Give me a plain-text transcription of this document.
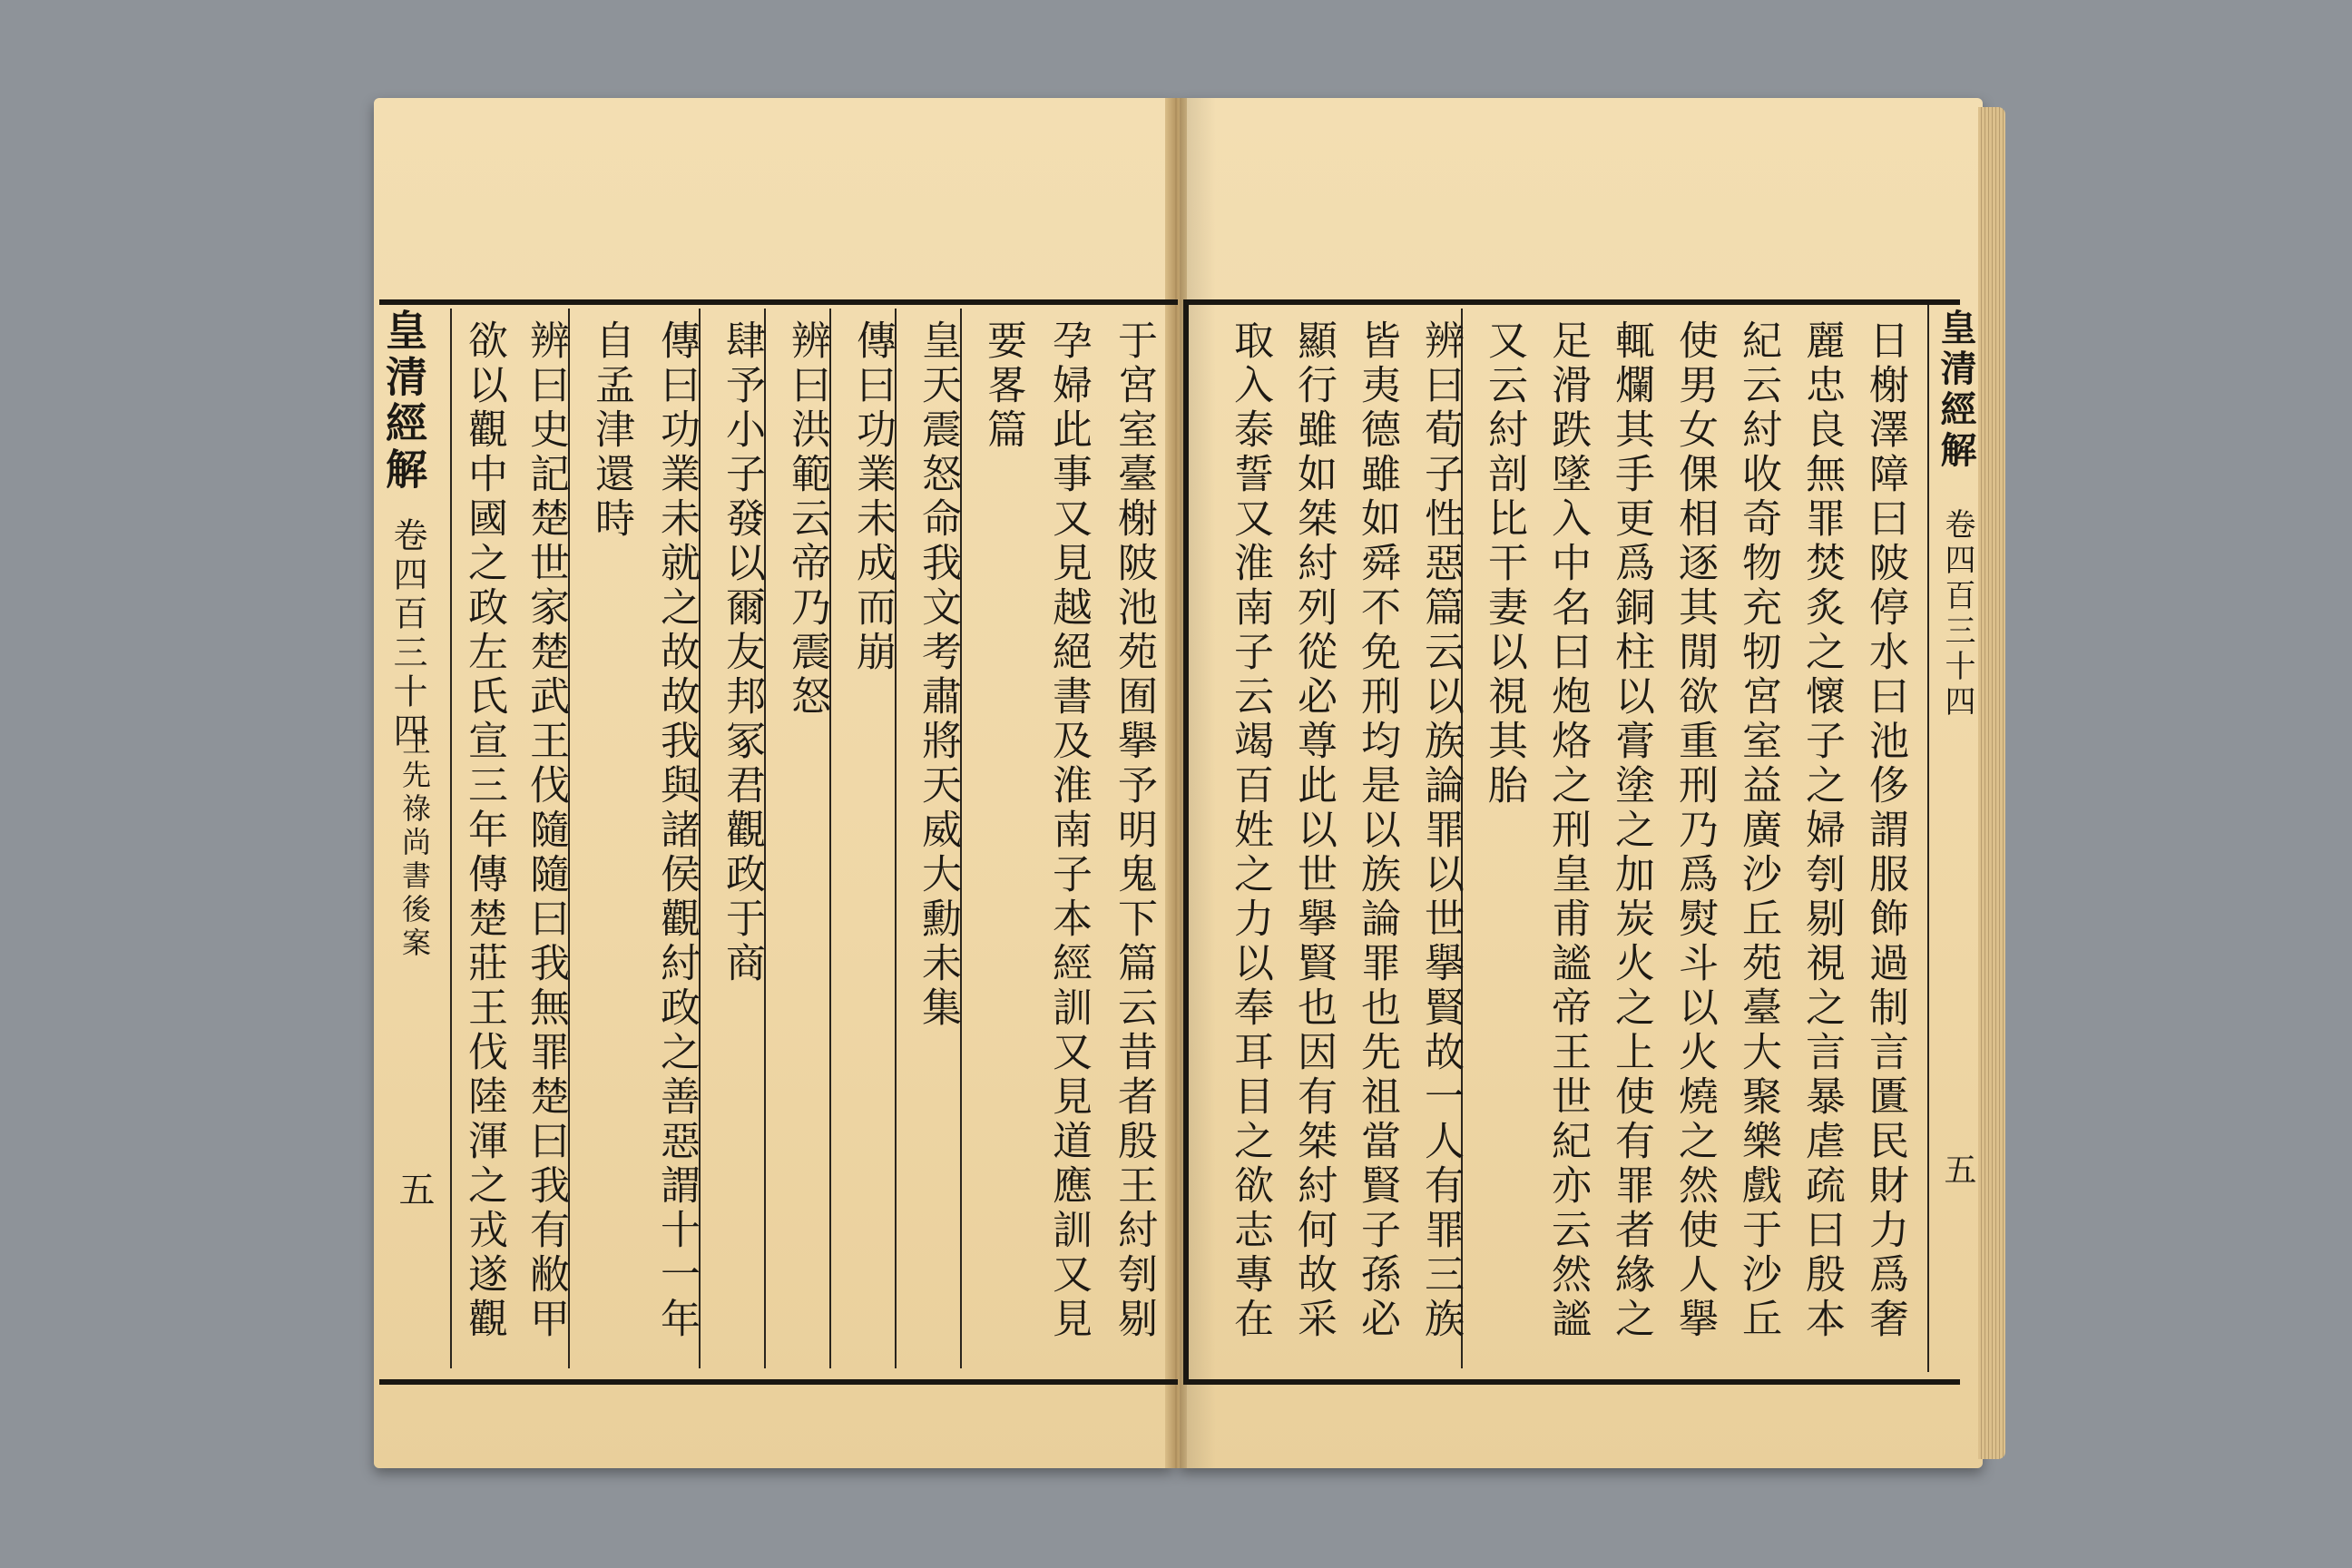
皇清經解
卷四百三十四
王先祿尚書後案
五	于宮室臺榭陂池苑囿擧予明鬼下篇云昔者殷王紂刳剔
孕婦此事又見越絕書及淮南子本經訓又見道應訓又見
要畧篇
皇天震怒命我文考肅將天威大勳未集
傳曰功業未成而崩
辨曰洪範云帝乃震怒
肆予小子發以爾友邦冢君觀政于商
傳曰功業未就之故故我與諸侯觀紂政之善惡謂十一年
自孟津還時
辨曰史記楚世家楚武王伐隨隨曰我無罪楚曰我有敝甲
欲以觀中國之政左氏宣三年傳楚莊王伐陸渾之戎遂觀	日榭澤障曰陂停水曰池侈謂服飾過制言匱民財力爲奢
麗忠良無罪焚炙之懷子之婦刳剔視之言暴虐疏曰殷本
紀云紂收奇物充牣宮室益廣沙丘苑臺大聚樂戲于沙丘
使男女倮相逐其閒欲重刑乃爲熨斗以火燒之然使人擧
輒爛其手更爲銅柱以膏塗之加炭火之上使有罪者緣之
足滑跌墜入中名曰炮烙之刑皇甫謐帝王世紀亦云然謐
又云紂剖比干妻以視其胎
辨曰荀子性惡篇云以族論罪以世擧賢故一人有罪三族
皆夷德雖如舜不免刑均是以族論罪也先祖當賢子孫必
顯行雖如桀紂列從必尊此以世擧賢也因有桀紂何故采
取入泰誓又淮南子云竭百姓之力以奉耳目之欲志專在	皇清經解
卷四百三十四
五
